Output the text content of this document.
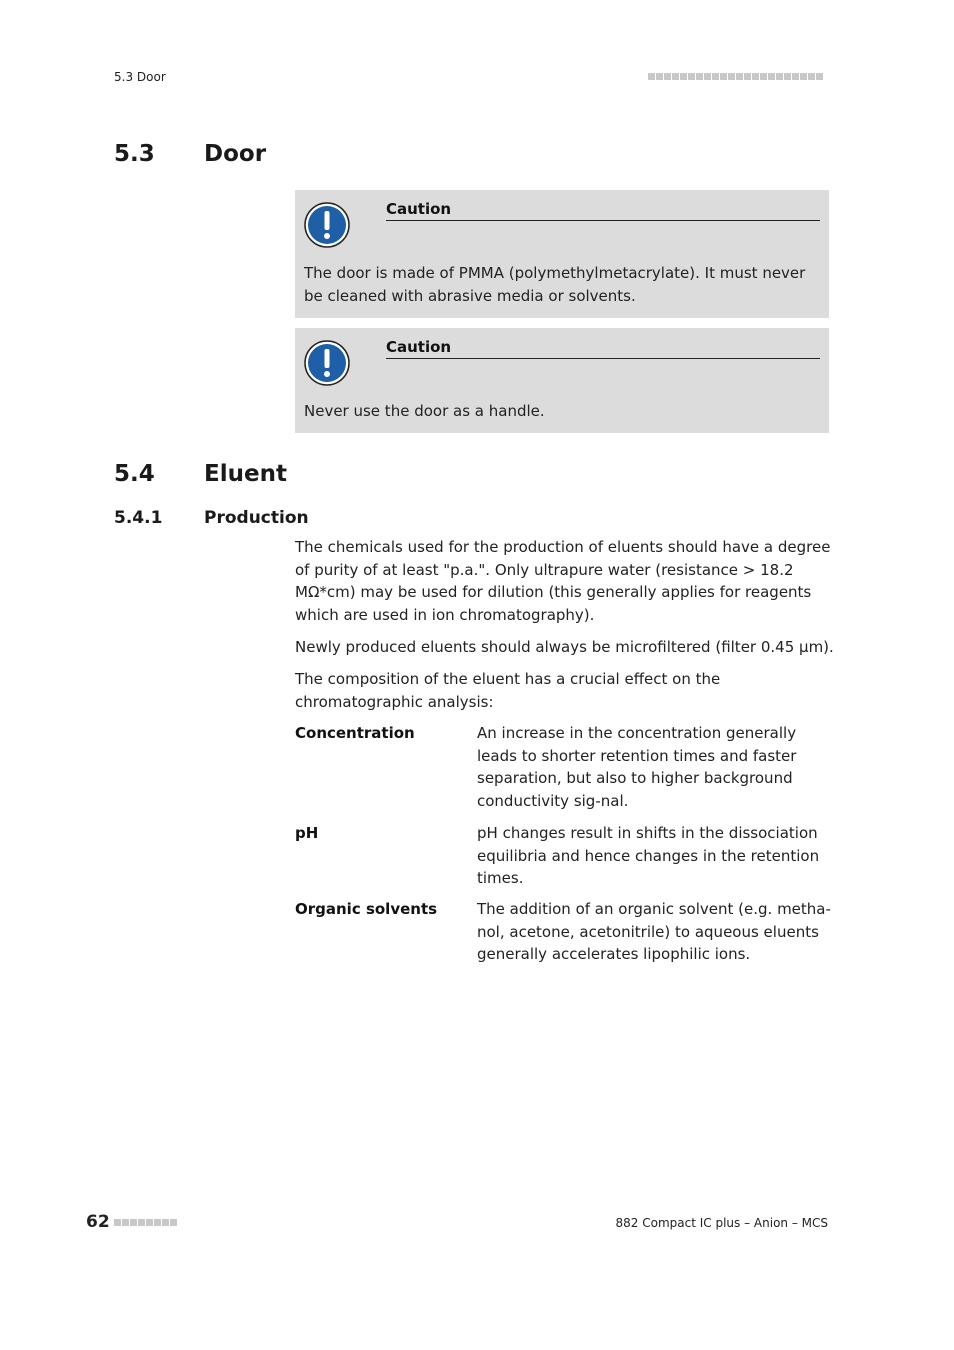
5.3 Door
5.3 Door
Caution
The door is made of PMMA (polymethylmetacrylate). It must never be cleaned with abrasive media or solvents.
Caution
Never use the door as a handle.
5.4 Eluent
5.4.1 Production
The chemicals used for the production of eluents should have a degree of purity of at least "p.a.". Only ultrapure water (resistance > 18.2 MΩ*cm) may be used for dilution (this generally applies for reagents which are used in ion chromatography).
Newly produced eluents should always be microfiltered (filter 0.45 µm).
The composition of the eluent has a crucial effect on the chromatographic analysis:
Concentration	An increase in the concentration generally leads to shorter retention times and faster separation, but also to higher background conductivity sig-nal.
pH	pH changes result in shifts in the dissociation equilibria and hence changes in the retention times.
Organic solvents	The addition of an organic solvent (e.g. metha-nol, acetone, acetonitrile) to aqueous eluents generally accelerates lipophilic ions.
62	882 Compact IC plus – Anion – MCS
